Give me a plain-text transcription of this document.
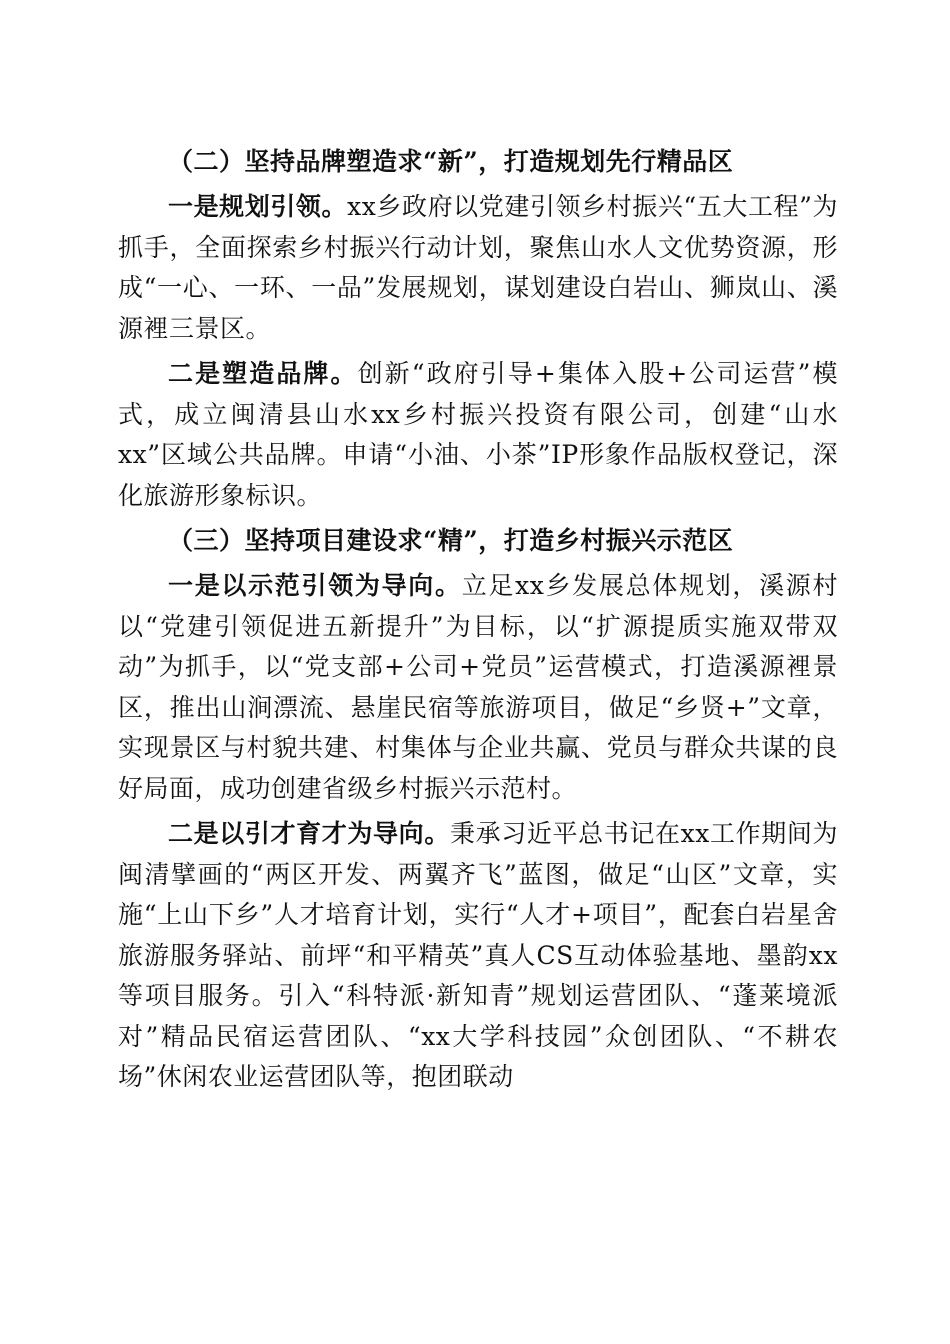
（二）坚持品牌塑造求“新”，打造规划先行精品区
一是规划引领。xx乡政府以党建引领乡村振兴“五大工程”为抓手，全面探索乡村振兴行动计划，聚焦山水人文优势资源，形成“一心、一环、一品”发展规划，谋划建设白岩山、狮岚山、溪源裡三景区。
二是塑造品牌。创新“政府引导+集体入股+公司运营”模式，成立闽清县山水xx乡村振兴投资有限公司，创建“山水xx”区域公共品牌。申请“小油、小茶”IP形象作品版权登记，深化旅游形象标识。
（三）坚持项目建设求“精”，打造乡村振兴示范区
一是以示范引领为导向。立足xx乡发展总体规划，溪源村以“党建引领促进五新提升”为目标，以“扩源提质实施双带双动”为抓手，以“党支部+公司+党员”运营模式，打造溪源裡景区，推出山涧漂流、悬崖民宿等旅游项目，做足“乡贤+”文章，实现景区与村貌共建、村集体与企业共赢、党员与群众共谋的良好局面，成功创建省级乡村振兴示范村。
二是以引才育才为导向。秉承习近平总书记在xx工作期间为闽清擘画的“两区开发、两翼齐飞”蓝图，做足“山区”文章，实施“上山下乡”人才培育计划，实行“人才+项目”，配套白岩星舍旅游服务驿站、前坪“和平精英”真人CS互动体验基地、墨韵xx等项目服务。引入“科特派·新知青”规划运营团队、“蓬莱境派对”精品民宿运营团队、“xx大学科技园”众创团队、“不耕农场”休闲农业运营团队等，抱团联动
